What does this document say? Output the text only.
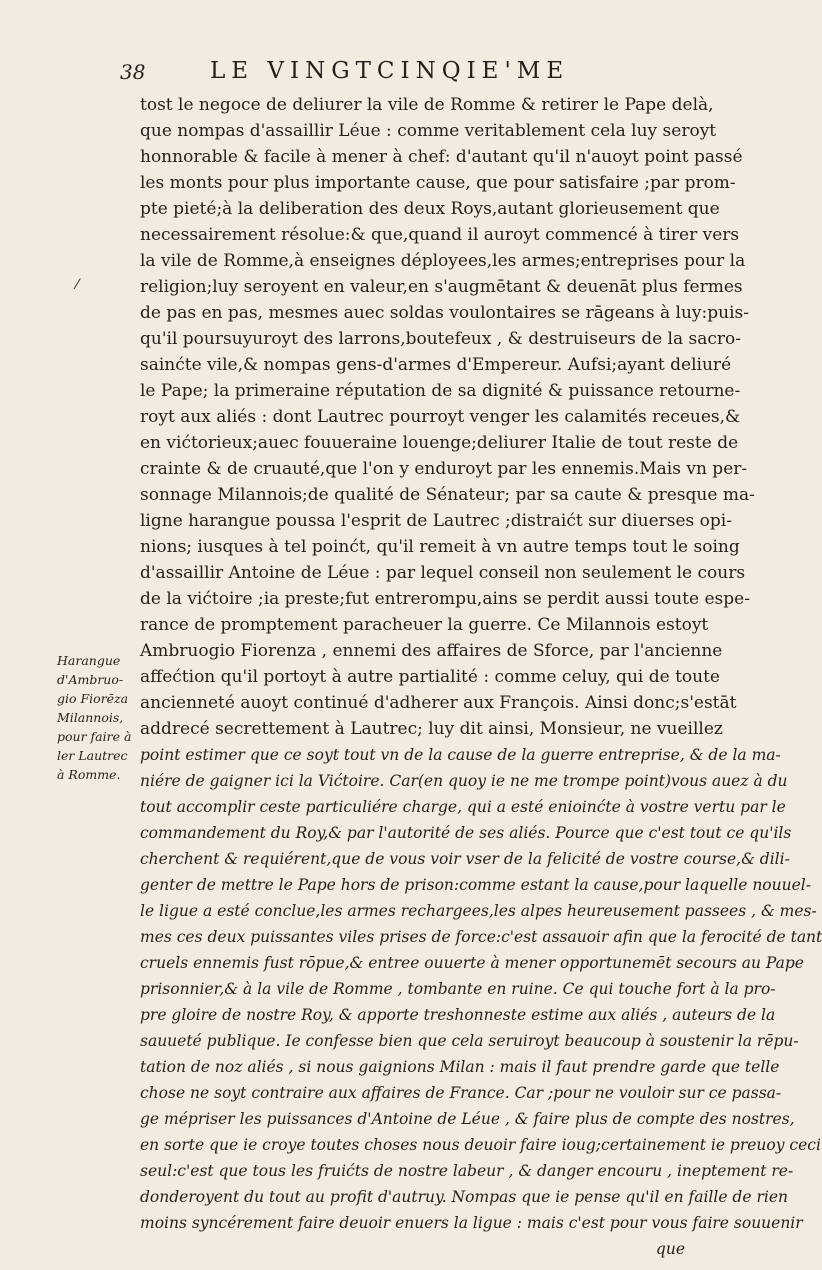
38	LE VINGTCINQIE'ME
⁄
Harangue
d'Ambruo-
gio Fiorēza
Milannois,
pour faire à
ler Lautrec
à Romme.

tost le negoce de deliurer la vile de Romme & retirer le Pape delà,

que nompas d'assaillir Léue : comme veritablement cela luy seroyt

honnorable & facile à mener à chef: d'autant qu'il n'auoyt point passé

les monts pour plus importante cause, que pour satisfaire ;par prom-

pte pieté;à la deliberation des deux Roys,autant glorieusement que

necessairement résolue:& que,quand il auroyt commencé à tirer vers

la vile de Romme,à enseignes déployees,les armes;entreprises pour la

religion;luy seroyent en valeur,en s'augmētant & deuenāt plus fermes

de pas en pas, mesmes auec soldas voulontaires se rāgeans à luy:puis-

qu'il poursuyuroyt des larrons,boutefeux , & destruiseurs de la sacro-

sainćte vile,& nompas gens-d'armes d'Empereur. Aufsi;ayant deliuré

le Pape; la primeraine réputation de sa dignité & puissance retourne-

royt aux aliés : dont Lautrec pourroyt venger les calamités receues,&

en vićtorieux;auec fouueraine louenge;deliurer Italie de tout reste de

crainte & de cruauté,que l'on y enduroyt par les ennemis.Mais vn per-

sonnage Milannois;de qualité de Sénateur; par sa caute & presque ma-

ligne harangue poussa l'esprit de Lautrec ;distraićt sur diuerses opi-

nions; iusques à tel poinćt, qu'il remeit à vn autre temps tout le soing

d'assaillir Antoine de Léue : par lequel conseil non seulement le cours

de la vićtoire ;ia preste;fut entrerompu,ains se perdit aussi toute espe-

rance de promptement paracheuer la guerre. Ce Milannois estoyt

Ambruogio Fiorenza , ennemi des affaires de Sforce, par l'ancienne

affećtion qu'il portoyt à autre partialité : comme celuy, qui de toute

ancienneté auoyt continué d'adherer aux François. Ainsi donc;s'estāt

addrecé secrettement à Lautrec; luy dit ainsi, Monsieur, ne vueillez

point estimer que ce soyt tout vn de la cause de la guerre entreprise, & de la ma-

niére de gaigner ici la Vićtoire. Car(en quoy ie ne me trompe point)vous auez à du

tout accomplir ceste particuliére charge, qui a esté enioinćte à vostre vertu par le

commandement du Roy,& par l'autorité de ses aliés. Pource que c'est tout ce qu'ils

cherchent & requiérent,que de vous voir vser de la felicité de vostre course,& dili-

genter de mettre le Pape hors de prison:comme estant la cause,pour laquelle nouuel-

le ligue a esté conclue,les armes rechargees,les alpes heureusement passees , & mes-

mes ces deux puissantes viles prises de force:c'est assauoir afin que la ferocité de tant

cruels ennemis fust rōpue,& entree ouuerte à mener opportunemēt secours au Pape

prisonnier,& à la vile de Romme , tombante en ruine. Ce qui touche fort à la pro-

pre gloire de nostre Roy, & apporte treshonneste estime aux aliés , auteurs de la

sauueté publique. Ie confesse bien que cela seruiroyt beaucoup à soustenir la rēpu-

tation de noz aliés , si nous gaignions Milan : mais il faut prendre garde que telle

chose ne soyt contraire aux affaires de France. Car ;pour ne vouloir sur ce passa-

ge mépriser les puissances d'Antoine de Léue , & faire plus de compte des nostres,

en sorte que ie croye toutes choses nous deuoir faire ioug;certainement ie preuoy ceci

seul:c'est que tous les fruićts de nostre labeur , & danger encouru , ineptement re-

donderoyent du tout au profit d'autruy. Nompas que ie pense qu'il en faille de rien

moins syncérement faire deuoir enuers la ligue : mais c'est pour vous faire souuenir

que
